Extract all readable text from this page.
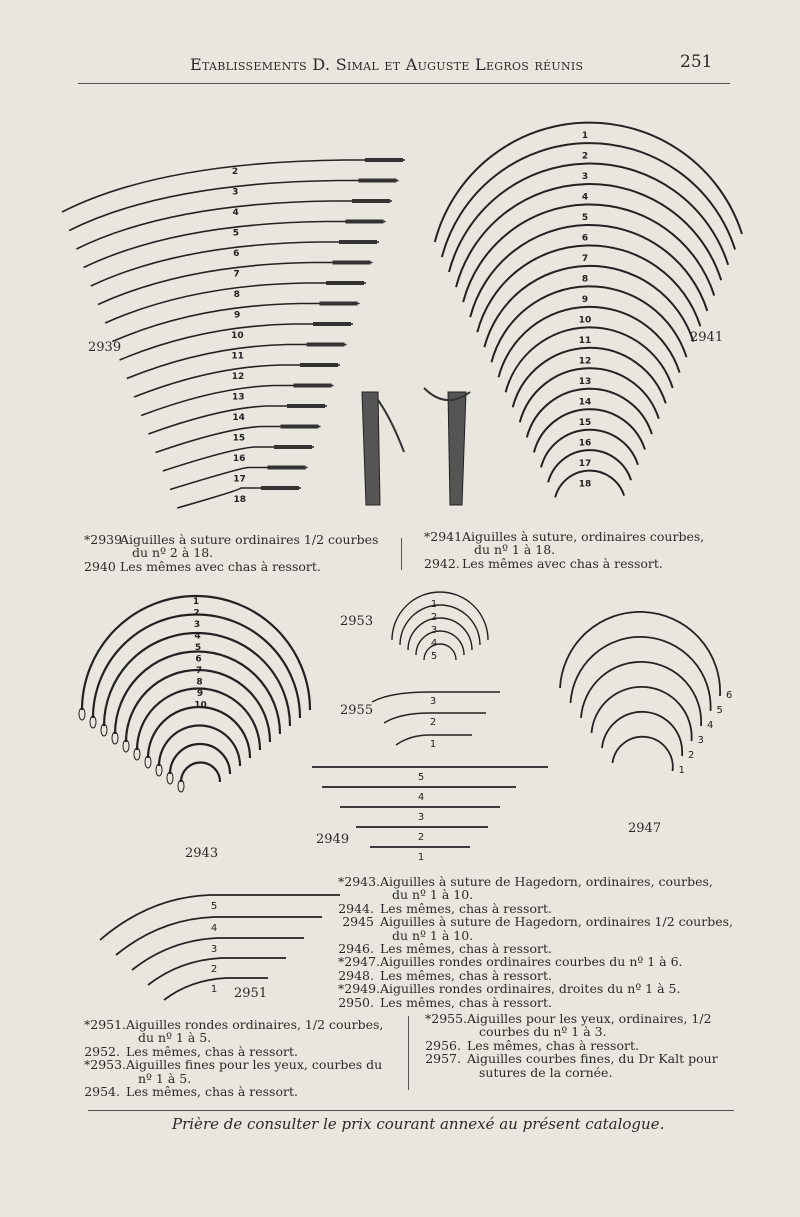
Etablissements D. Simal et Auguste Legros réunis	251
2
3
4
5
6
7
8
9
10
11
12
13
14
15
16
17
18
1
2
3
4
5
6
7
8
9
10
11
12
13
14
15
16
17
18
1
2
3
4
5
6
7
8
9
10
1
2
3
4
5
3
2
1
5
4
3
2
1
6
5
4
3
2
1
5
4
3
2
1
2939
2941
2943
2953
2955
2949
2947
2951
*2939Aiguilles à suture ordinaires 1/2 courbes
du nº 2 à 18.
2940 Les mêmes avec chas à ressort.
*2941Aiguilles à suture, ordinaires courbes,
du nº 1 à 18.
2942. Les mêmes avec chas à ressort.
*2943.Aiguilles à suture de Hagedorn, ordinaires, courbes,
du nº 1 à 10.
2944. Les mêmes, chas à ressort.
2945 Aiguilles à suture de Hagedorn, ordinaires 1/2 courbes,
du nº 1 à 10.
2946. Les mêmes, chas à ressort.
*2947.Aiguilles rondes ordinaires courbes du nº 1 à 6.
2948. Les mêmes, chas à ressort.
*2949.Aiguilles rondes ordinaires, droites du nº 1 à 5.
2950. Les mêmes, chas à ressort.
*2951.Aiguilles rondes ordinaires, 1/2 courbes,
du nº 1 à 5.
2952. Les mêmes, chas à ressort.
*2953.Aiguilles fines pour les yeux, courbes du
nº 1 à 5.
2954. Les mêmes, chas à ressort.
*2955.Aiguilles pour les yeux, ordinaires, 1/2
courbes du nº 1 à 3.
2956. Les mêmes, chas à ressort.
2957. Aiguilles courbes fines, du Dr Kalt pour
sutures de la cornée.
Prière de consulter le prix courant annexé au présent catalogue.
